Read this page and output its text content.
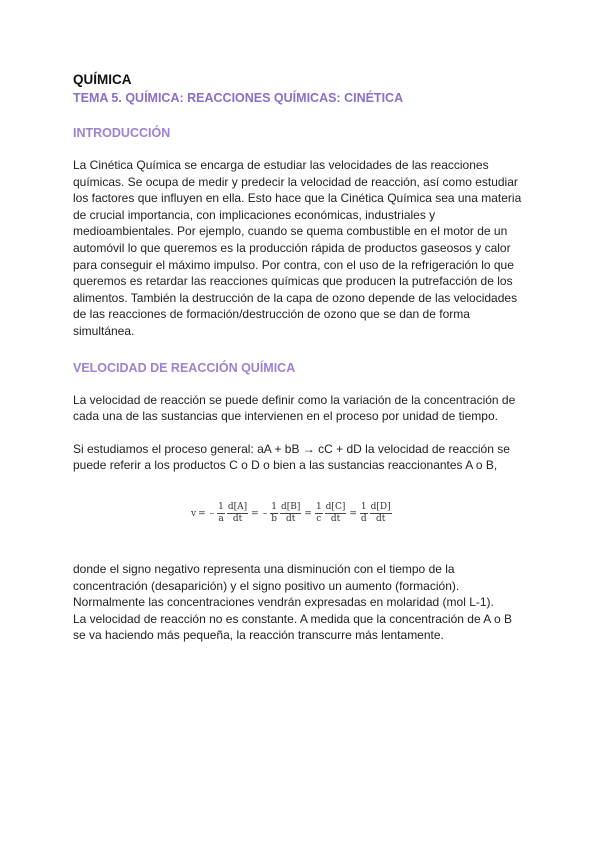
QUÍMICA
TEMA 5. QUÍMICA: REACCIONES QUÍMICAS: CINÉTICA
INTRODUCCIÓN

La Cinética Química se encarga de estudiar las velocidades de las reacciones
químicas. Se ocupa de medir y predecir la velocidad de reacción, así como estudiar
los factores que influyen en ella. Esto hace que la Cinética Química sea una materia
de crucial importancia, con implicaciones económicas, industriales y
medioambientales. Por ejemplo, cuando se quema combustible en el motor de un
automóvil lo que queremos es la producción rápida de productos gaseosos y calor
para conseguir el máximo impulso. Por contra, con el uso de la refrigeración lo que
queremos es retardar las reacciones químicas que producen la putrefacción de los
alimentos. También la destrucción de la capa de ozono depende de las velocidades
de las reacciones de formación/destrucción de ozono que se dan de forma
simultánea.

VELOCIDAD DE REACCIÓN QUÍMICA

La velocidad de reacción se puede definir como la variación de la concentración de
cada una de las sustancias que intervienen en el proceso por unidad de tiempo.

Si estudiamos el proceso general: aA + bB → cC + dD la velocidad de reacción se
puede referir a los productos C o D o bien a las sustancias reaccionantes A o B,

v = – $\frac{1}{a} \frac{d[A]}{dt}$ = – $\frac{1}{b} \frac{d[B]}{dt} = \frac{1}{c} \frac{d[C]}{dt} = \frac{1}{d} \frac{d[D]}{dt}$

donde el signo negativo representa una disminución con el tiempo de la
concentración (desaparición) y el signo positivo un aumento (formación).
Normalmente las concentraciones vendrán expresadas en molaridad (mol L-1).
La velocidad de reacción no es constante. A medida que la concentración de A o B
se va haciendo más pequeña, la reacción transcurre más lentamente.
